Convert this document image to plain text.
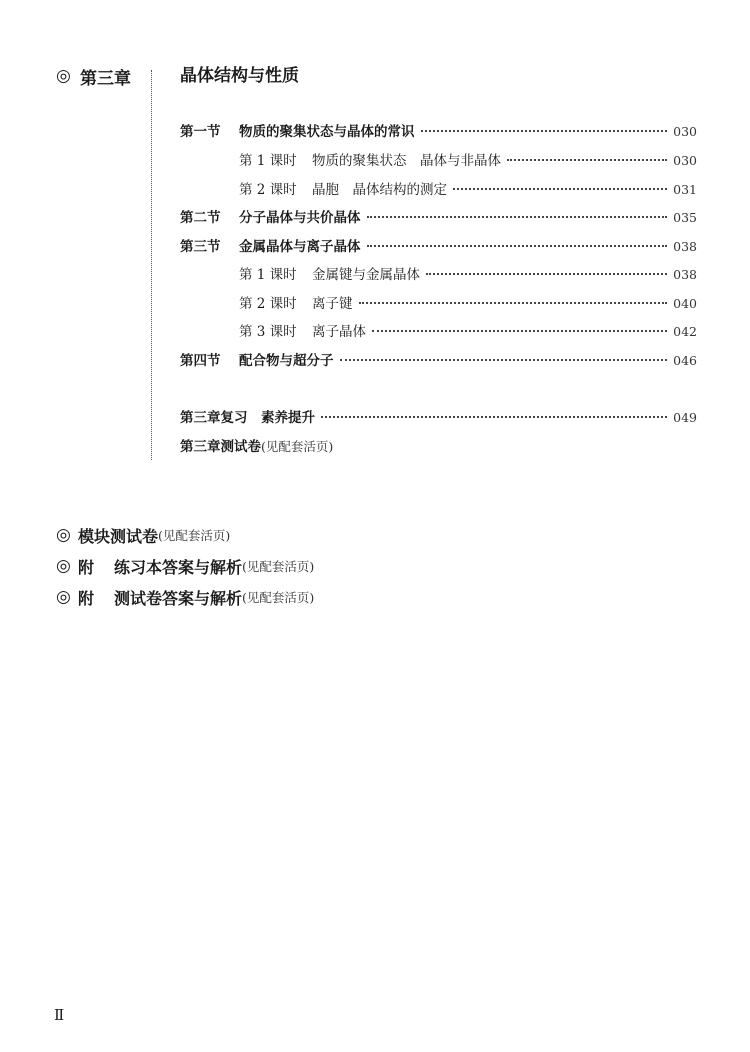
◎ 第三章	晶体结构与性质
第一节	物质的聚集状态与晶体的常识	030
第 1 课时	物质的聚集状态　晶体与非晶体	030
第 2 课时	晶胞　晶体结构的测定	031
第二节	分子晶体与共价晶体	035
第三节	金属晶体与离子晶体	038
第 1 课时	金属键与金属晶体	038
第 2 课时	离子键	040
第 3 课时	离子晶体	042
第四节	配合物与超分子	046
第三章复习　素养提升	049
第三章测试卷 (见配套活页)
◎ 模块测试卷 (见配套活页)
◎ 附 练习本答案与解析 (见配套活页)
◎ 附 测试卷答案与解析 (见配套活页)
Ⅱ
